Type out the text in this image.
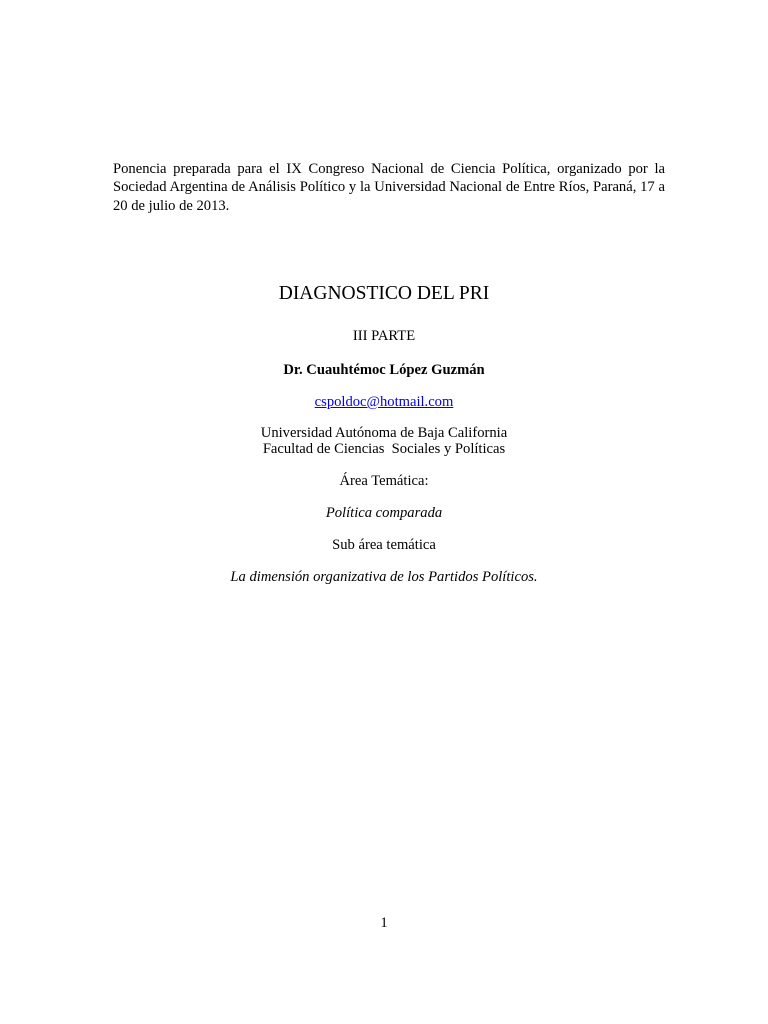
Ponencia preparada para el IX Congreso Nacional de Ciencia Política, organizado por la Sociedad Argentina de Análisis Político y la Universidad Nacional de Entre Ríos, Paraná, 17 a 20 de julio de 2013.

DIAGNOSTICO DEL PRI

III PARTE

Dr. Cuauhtémoc López Guzmán

cspoldoc@hotmail.com

Universidad Autónoma de Baja California

Facultad de Ciencias  Sociales y Políticas

Área Temática:

Política comparada

Sub área temática

La dimensión organizativa de los Partidos Políticos.

1
